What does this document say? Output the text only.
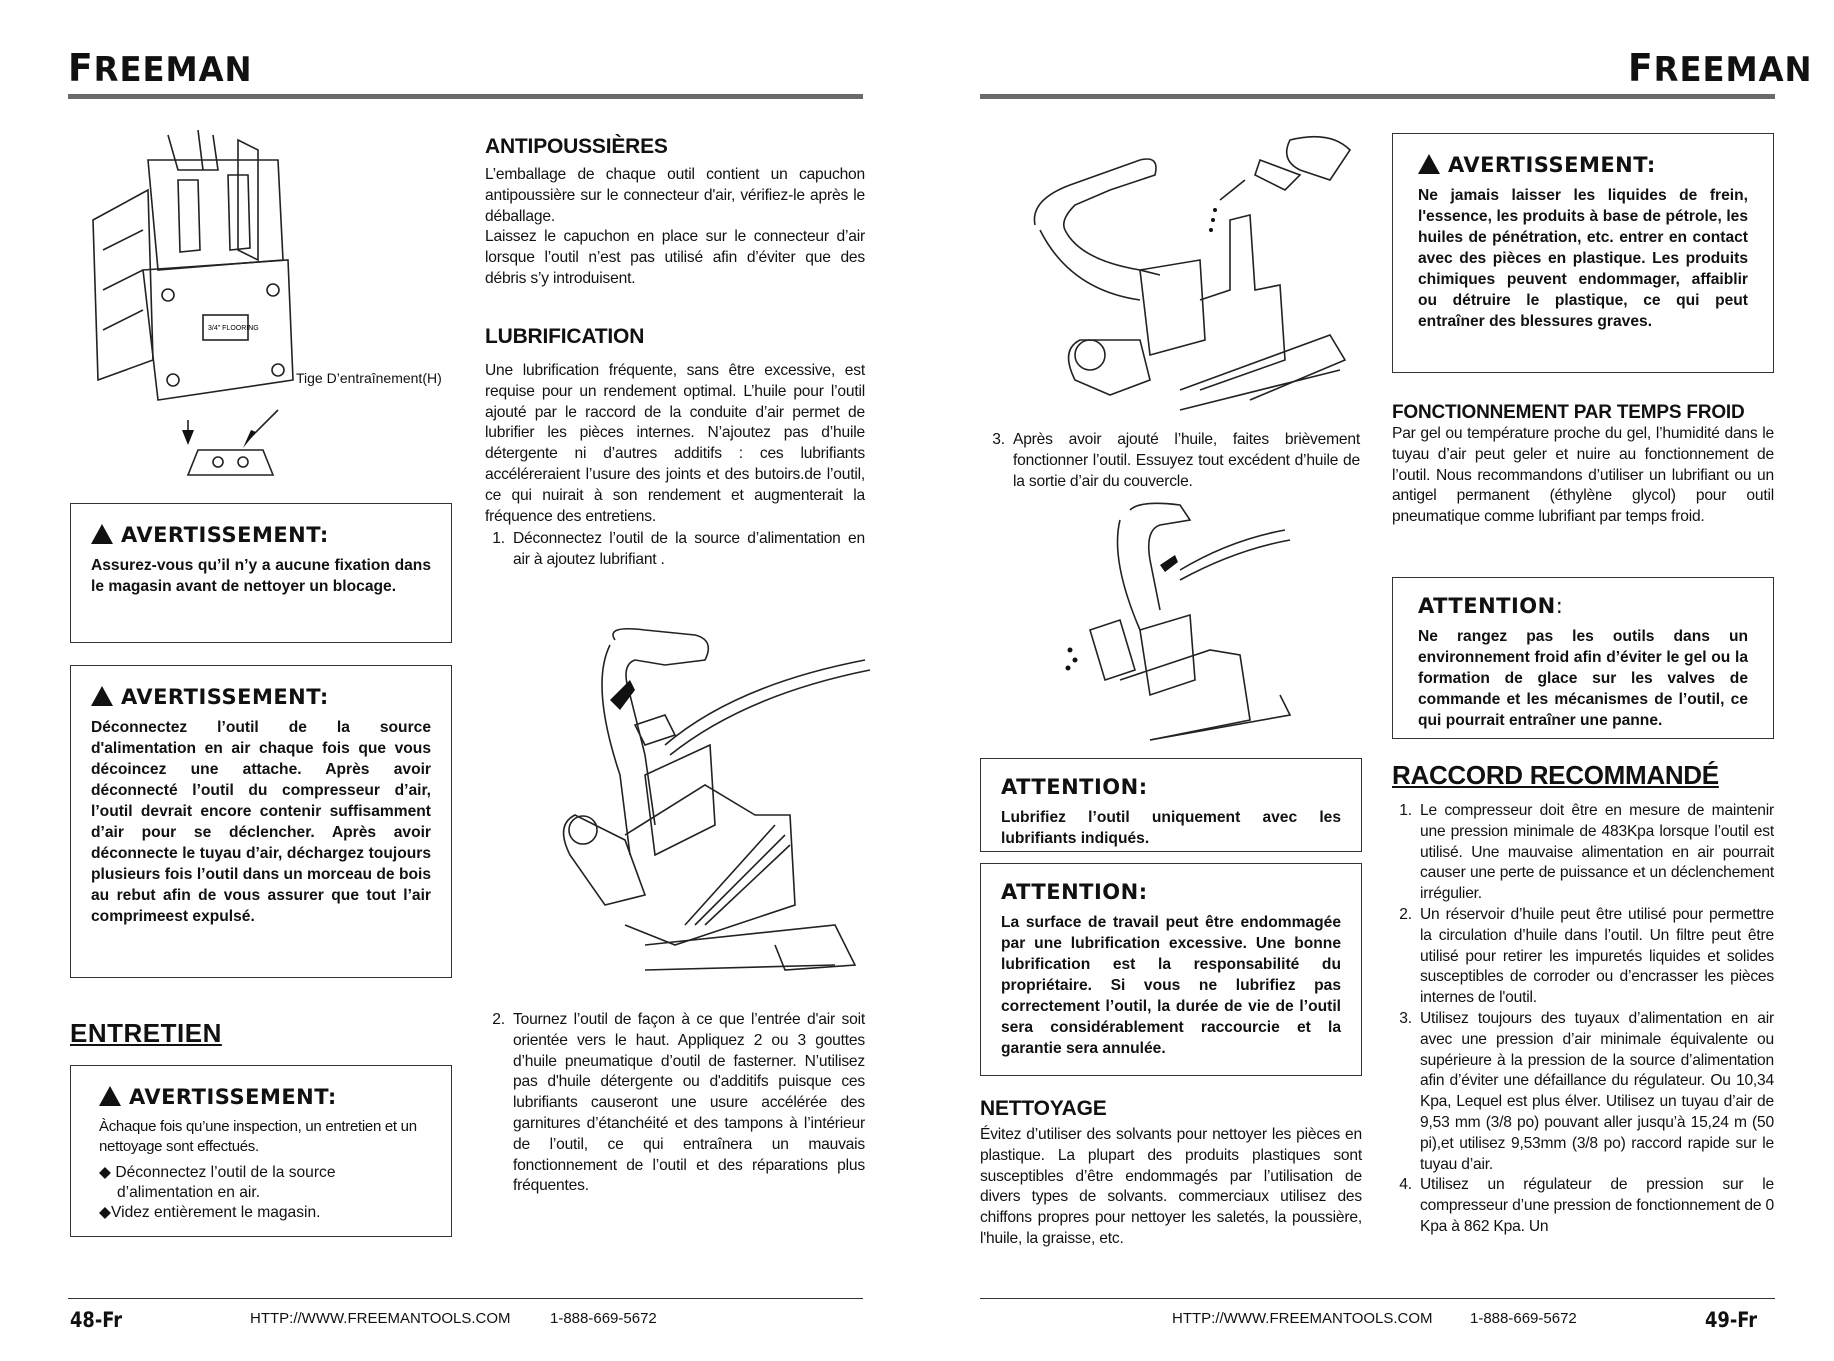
FREEMAN
3/4" FLOORING
Tige D’entraînement(H)
AVERTISSEMENT:

Assurez-vous qu’il n’y a aucune fixation dans le magasin avant de nettoyer un blocage.

AVERTISSEMENT:

Déconnectez l’outil de la source d'alimentation en air chaque fois que vous décoincez une attache. Après avoir déconnecté l’outil du compresseur d’air, l’outil devrait encore contenir suffisamment d’air pour se déclencher. Après avoir déconnecte le tuyau d’air, déchargez toujours plusieurs fois l’outil dans un morceau de bois au rebut afin de vous assurer que tout l’air comprimeest expulsé.

ENTRETIEN
AVERTISSEMENT:

Àchaque fois qu’une inspection, un entretien et un nettoyage sont effectués.

◆ Déconnectez l’outil de la source d’alimentation en air.
◆Videz entièrement le magasin.
ANTIPOUSSIÈRES

L’emballage de chaque outil contient un capuchon antipoussière sur le connecteur d'air, vérifiez-le après le déballage.

Laissez le capuchon en place sur le connecteur d’air lorsque l’outil n’est pas utilisé afin d’éviter que des débris s’y introduisent.

LUBRIFICATION

Une lubrification fréquente, sans être excessive, est requise pour un rendement optimal. L’huile pour l’outil ajouté par le raccord de la conduite d’air permet de lubrifier les pièces internes. N’ajoutez pas d’huile détergente ni d’autres additifs : ces lubrifiants accéléreraient l’usure des joints et des butoirs.de l’outil, ce qui nuirait à son rendement et augmenterait la fréquence des entretiens.

1. Déconnectez l’outil de la source d’alimentation en air à ajoutez lubrifiant .
2. Tournez l’outil de façon à ce que l’entrée d'air soit orientée vers le haut. Appliquez 2 ou 3 gouttes d’huile pneumatique d’outil de fasterner. N’utilisez pas d'huile détergente ou d'additifs puisque ces lubrifiants causeront une usure accélérée des garnitures d’étanchéité et des tampons à l’intérieur de l’outil, ce qui entraînera un mauvais fonctionnement de l’outil et des réparations plus fréquentes.
48-Fr	HTTP://WWW.FREEMANTOOLS.COM	1-888-669-5672
FREEMAN
3. Après avoir ajouté l’huile, faites brièvement fonctionner l’outil. Essuyez tout excédent d’huile de la sortie d’air du couvercle.
ATTENTION:

Lubrifiez l’outil uniquement avec les lubrifiants indiqués.

ATTENTION:

La surface de travail peut être endommagée par une lubrification excessive. Une bonne lubrification est la responsabilité du propriétaire. Si vous ne lubrifiez pas correctement l’outil, la durée de vie de l’outil sera considérablement raccourcie et la garantie sera annulée.

NETTOYAGE

Évitez d’utiliser des solvants pour nettoyer les pièces en plastique. La plupart des produits plastiques sont susceptibles d’être endommagés par l’utilisation de divers types de solvants. commerciaux utilisez des chiffons propres pour nettoyer les saletés, la poussière, l'huile, la graisse, etc.

AVERTISSEMENT:

Ne jamais laisser les liquides de frein, l'essence, les produits à base de pétrole, les huiles de pénétration, etc. entrer en contact avec des pièces en plastique. Les produits chimiques peuvent endommager, affaiblir ou détruire le plastique, ce qui peut entraîner des blessures graves.

FONCTIONNEMENT PAR TEMPS FROID

Par gel ou température proche du gel, l’humidité dans le tuyau d’air peut geler et nuire au fonctionnement de l’outil. Nous recommandons d’utiliser un lubrifiant ou un antigel permanent (éthylène glycol) pour outil pneumatique comme lubrifiant par temps froid.

ATTENTION:

Ne rangez pas les outils dans un environnement froid afin d’éviter le gel ou la formation de glace sur les valves de commande et les mécanismes de l’outil, ce qui pourrait entraîner une panne.

RACCORD RECOMMANDÉ
1. Le compresseur doit être en mesure de maintenir une pression minimale de 483Kpa lorsque l’outil est utilisé. Une mauvaise alimentation en air pourrait causer une perte de puissance et un déclenchement irrégulier.
2. Un réservoir d’huile peut être utilisé pour permettre la circulation d’huile dans l’outil. Un filtre peut être utilisé pour retirer les impuretés liquides et solides susceptibles de corroder ou d’encrasser les pièces internes de l'outil.
3. Utilisez toujours des tuyaux d’alimentation en air avec une pression d’air minimale équivalente ou supérieure à la pression de la source d’alimentation afin d’éviter une défaillance du régulateur. Ou 10,34 Kpa, Lequel est plus élver. Utilisez un tuyau d’air de 9,53 mm (3/8 po) pouvant aller jusqu’à 15,24 m (50 pi),et utilisez 9,53mm (3/8 po) raccord rapide sur le tuyau d’air.
4. Utilisez un régulateur de pression sur le compresseur d’une pression de fonctionnement de 0 Kpa à 862 Kpa. Un
HTTP://WWW.FREEMANTOOLS.COM 1-888-669-5672	49-Fr
